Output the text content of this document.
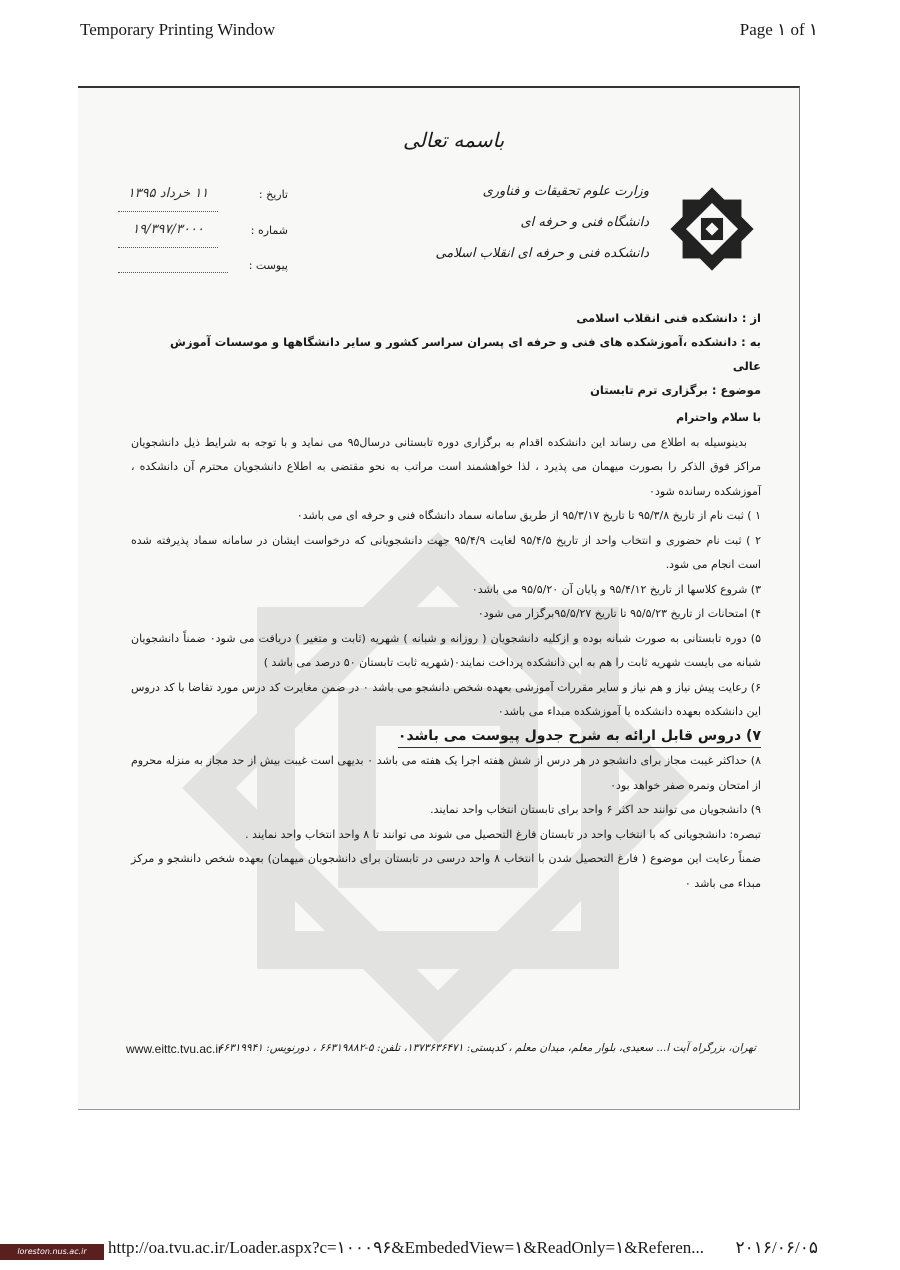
Temporary Printing Window	Page ۱ of ۱
باسمه تعالی
وزارت علوم تحقیقات و فناوری
دانشگاه فنی و حرفه ای
دانشکده فنی و حرفه ای انقلاب اسلامی
تاریخ :
۱۱ خرداد ۱۳۹۵
شماره :
۱۹/۳۹۷/۳۰۰۰
پیوست :
از : دانشکده فنی انقلاب اسلامی
به : دانشکده ،آموزشکده های فنی و حرفه ای پسران سراسر کشور و سایر دانشگاهها و موسسات آموزش عالی
موضوع : برگزاری ترم تابستان

با سلام واحترام

بدینوسیله به اطلاع می رساند این دانشکده اقدام به برگزاری دوره تابستانی درسال۹۵ می نماید و با توجه به شرایط ذیل دانشجویان مراکز فوق الذکر را بصورت میهمان می پذیرد ، لذا خواهشمند است مراتب به نحو مقتضی به اطلاع دانشجویان محترم آن دانشکده ، آموزشکده رسانده شود٠

۱ ) ثبت نام از تاریخ ۹۵/۳/۸ تا تاریخ ۹۵/۳/۱۷ از طریق سامانه سماد دانشگاه فنی و حرفه ای می باشد٠

۲ ) ثبت نام حضوری و انتخاب واحد از تاریخ ۹۵/۴/۵ لغایت ۹۵/۴/۹ جهت دانشجویانی که درخواست ایشان در سامانه سماد پذیرفته شده است انجام می شود.

۳) شروع کلاسها از تاریخ ۹۵/۴/۱۲ و پایان آن ۹۵/۵/۲۰ می باشد٠

۴) امتحانات از تاریخ ۹۵/۵/۲۳ تا تاریخ ۹۵/۵/۲۷برگزار می شود٠

۵) دوره تابستانی به صورت شبانه بوده و ازکلیه دانشجویان ( روزانه و شبانه ) شهریه (ثابت و متغیر ) دریافت می شود٠ ضمناً دانشجویان شبانه می بایست شهریه ثابت را هم به این دانشکده پرداخت نمایند٠(شهریه ثابت تابستان ۵۰ درصد می باشد )

۶) رعایت پیش نیاز و هم نیاز و سایر مقررات آموزشی بعهده شخص دانشجو می باشد ٠ در ضمن مغایرت کد درس مورد تقاضا با کد دروس این دانشکده بعهده دانشکده یا آموزشکده مبداء می باشد٠

۷) دروس قابل ارائه به شرح جدول پیوست می باشد٠

۸) حداکثر غیبت مجاز برای دانشجو در هر درس از شش هفته اجرا یک هفته می باشد ٠ بدیهی است غیبت بیش از حد مجاز به منزله محروم از امتحان ونمره صفر خواهد بود٠

۹) دانشجویان می توانند حد اکثر ۶ واحد برای تابستان انتخاب واحد نمایند.

تبصره: دانشجویانی که با انتخاب واحد در تابستان فارغ التحصیل می شوند می توانند تا ۸ واحد انتخاب واحد نمایند .

ضمناً رعایت این موضوع ( فارغ التحصیل شدن با انتخاب ۸ واحد درسی در تابستان برای دانشجویان میهمان) بعهده شخص دانشجو و مرکز مبداء می باشد ٠

www.eittc.tvu.ac.ir
تهران، بزرگراه آیت ا... سعیدی، بلوار معلم، میدان معلم ، کدپستی: ۱۳۷۳۶۳۶۴۷۱، تلفن: ۵-۶۶۳۱۹۸۸۲ ، دورنویس: ۶۶۳۱۹۹۴۱
loreston.nus.ac.ir	http://oa.tvu.ac.ir/Loader.aspx?c=۱۰۰۰۹۶&EmbededView=۱&ReadOnly=۱&Referen... ۲۰۱۶/۰۶/۰۵
